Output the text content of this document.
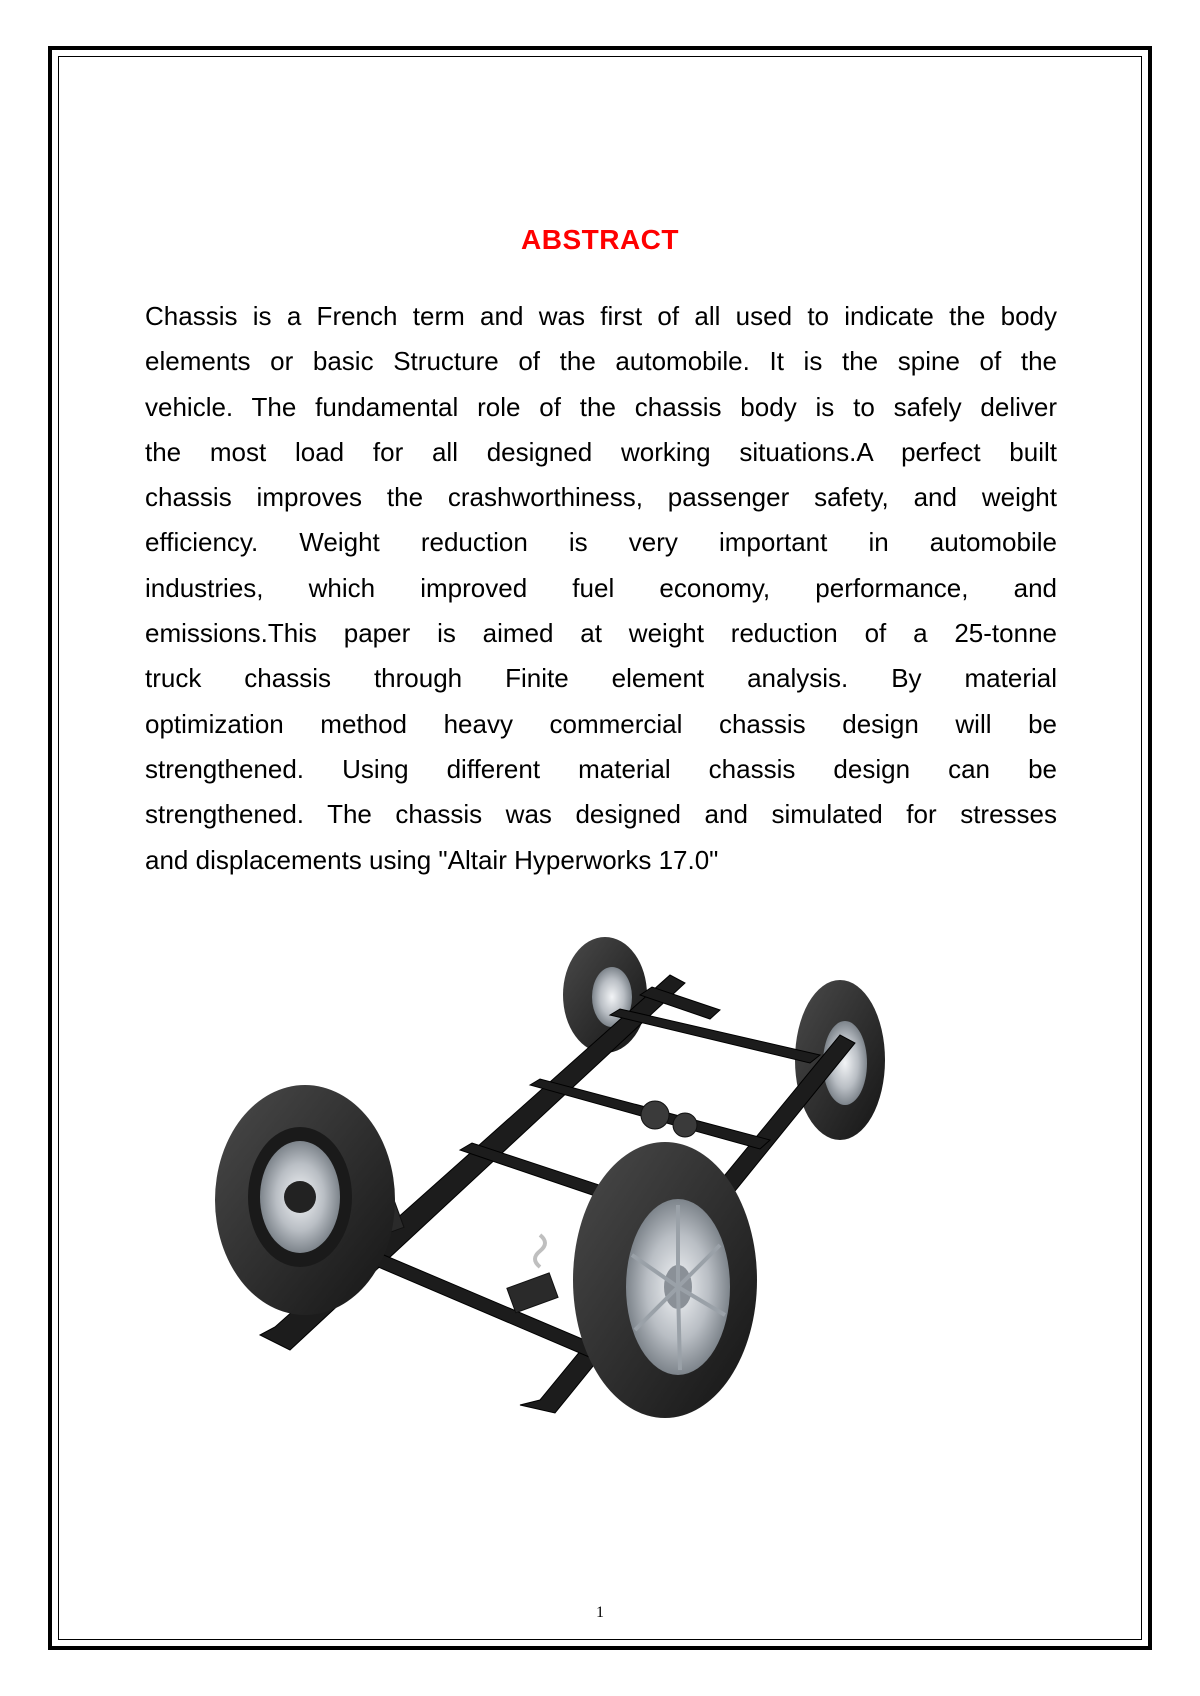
ABSTRACT
Chassis is a French term and was first of all used to indicate the body
elements or basic Structure of the automobile. It is the spine of the
vehicle. The fundamental role of the chassis body is to safely deliver
the most load for all designed working situations.A perfect built
chassis improves the crashworthiness, passenger safety, and weight
efficiency. Weight reduction is very important in automobile
industries, which improved fuel economy, performance, and
emissions.This paper is aimed at weight reduction of a 25-tonne
truck chassis through Finite element analysis. By material
optimization method heavy commercial chassis design will be
strengthened. Using different material chassis design can be
strengthened. The chassis was designed and simulated for stresses
and displacements using "Altair Hyperworks 17.0"
1
